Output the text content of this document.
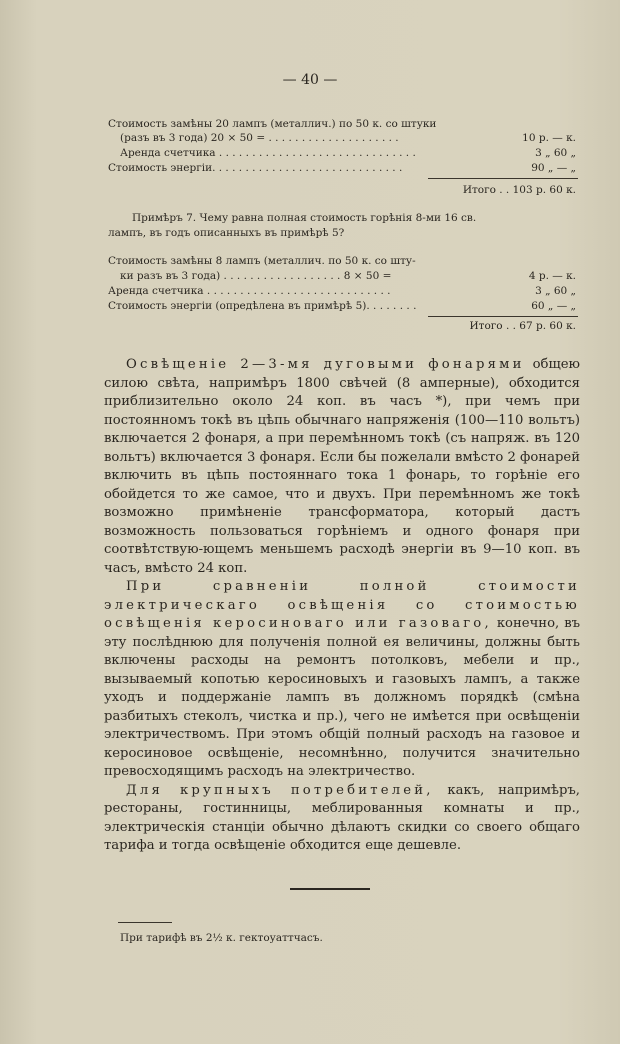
— 40 —
Стоимость замѣны 20 лампъ (металлич.) по 50 к. со штуки
(разъ въ 3 года) 20 × 50 = . . . . . . . . . . . . . . . . . . . .	10 р. — к.
Аренда счетчика . . . . . . . . . . . . . . . . . . . . . . . . . . . . . .	3 „ 60 „
Стоимость энергіи. . . . . . . . . . . . . . . . . . . . . . . . . . . . .	90 „ — „
Итого . . 103 р. 60 к.
Примѣръ 7. Чему равна полная стоимость горѣнія 8-ми 16 св.
лампъ, въ годъ описанныхъ въ примѣрѣ 5?
Стоимость замѣны 8 лампъ (металлич. по 50 к. со шту-
ки разъ въ 3 года) . . . . . . . . . . . . . . . . . . 8 × 50 =	4 р. — к.
Аренда счетчика . . . . . . . . . . . . . . . . . . . . . . . . . . . .	3 „ 60 „
Стоимость энергіи (опредѣлена въ примѣрѣ 5). . . . . . . .	60 „ — „
Итого . . 67 р. 60 к.

Освѣщеніе 2—3-мя дуговыми фонарями общею силою свѣта, напримѣръ 1800 свѣчей (8 амперные), обходится приблизительно около 24 коп. въ часъ *), при чемъ при постоянномъ токѣ въ цѣпь обычнаго напряженія (100—110 вольтъ) включается 2 фонаря, а при перемѣнномъ токѣ (съ напряж. въ 120 вольтъ) включается 3 фонаря. Если бы пожелали вмѣсто 2 фонарей включить въ цѣпь постояннаго тока 1 фонарь, то горѣніе его обойдется то же самое, что и двухъ. При перемѣнномъ же токѣ возможно примѣненіе трансформатора, который дастъ возможность пользоваться горѣніемъ и одного фонаря при соотвѣтствую-ющемъ меньшемъ расходѣ энергіи въ 9—10 коп. въ часъ, вмѣсто 24 коп.

При сравненіи полной стоимости электрическаго освѣщенія со стоимостью освѣщенія керосиноваго или газоваго, конечно, въ эту послѣднюю для полученія полной ея величины, должны быть включены расходы на ремонтъ потолковъ, мебели и пр., вызываемый копотью керосиновыхъ и газовыхъ лампъ, а также уходъ и поддержаніе лампъ въ должномъ порядкѣ (смѣна разбитыхъ стеколъ, чистка и пр.), чего не имѣется при освѣщеніи электричествомъ. При этомъ общій полный расходъ на газовое и керосиновое освѣщеніе, несомнѣнно, получится значительно превосходящимъ расходъ на электричество.

Для крупныхъ потребителей, какъ, напримѣръ, рестораны, гостинницы, меблированныя комнаты и пр., электрическія станціи обычно дѣлаютъ скидки со своего общаго тарифа и тогда освѣщеніе обходится еще дешевле.

При тарифѣ въ 2½ к. гектоуаттчасъ.
